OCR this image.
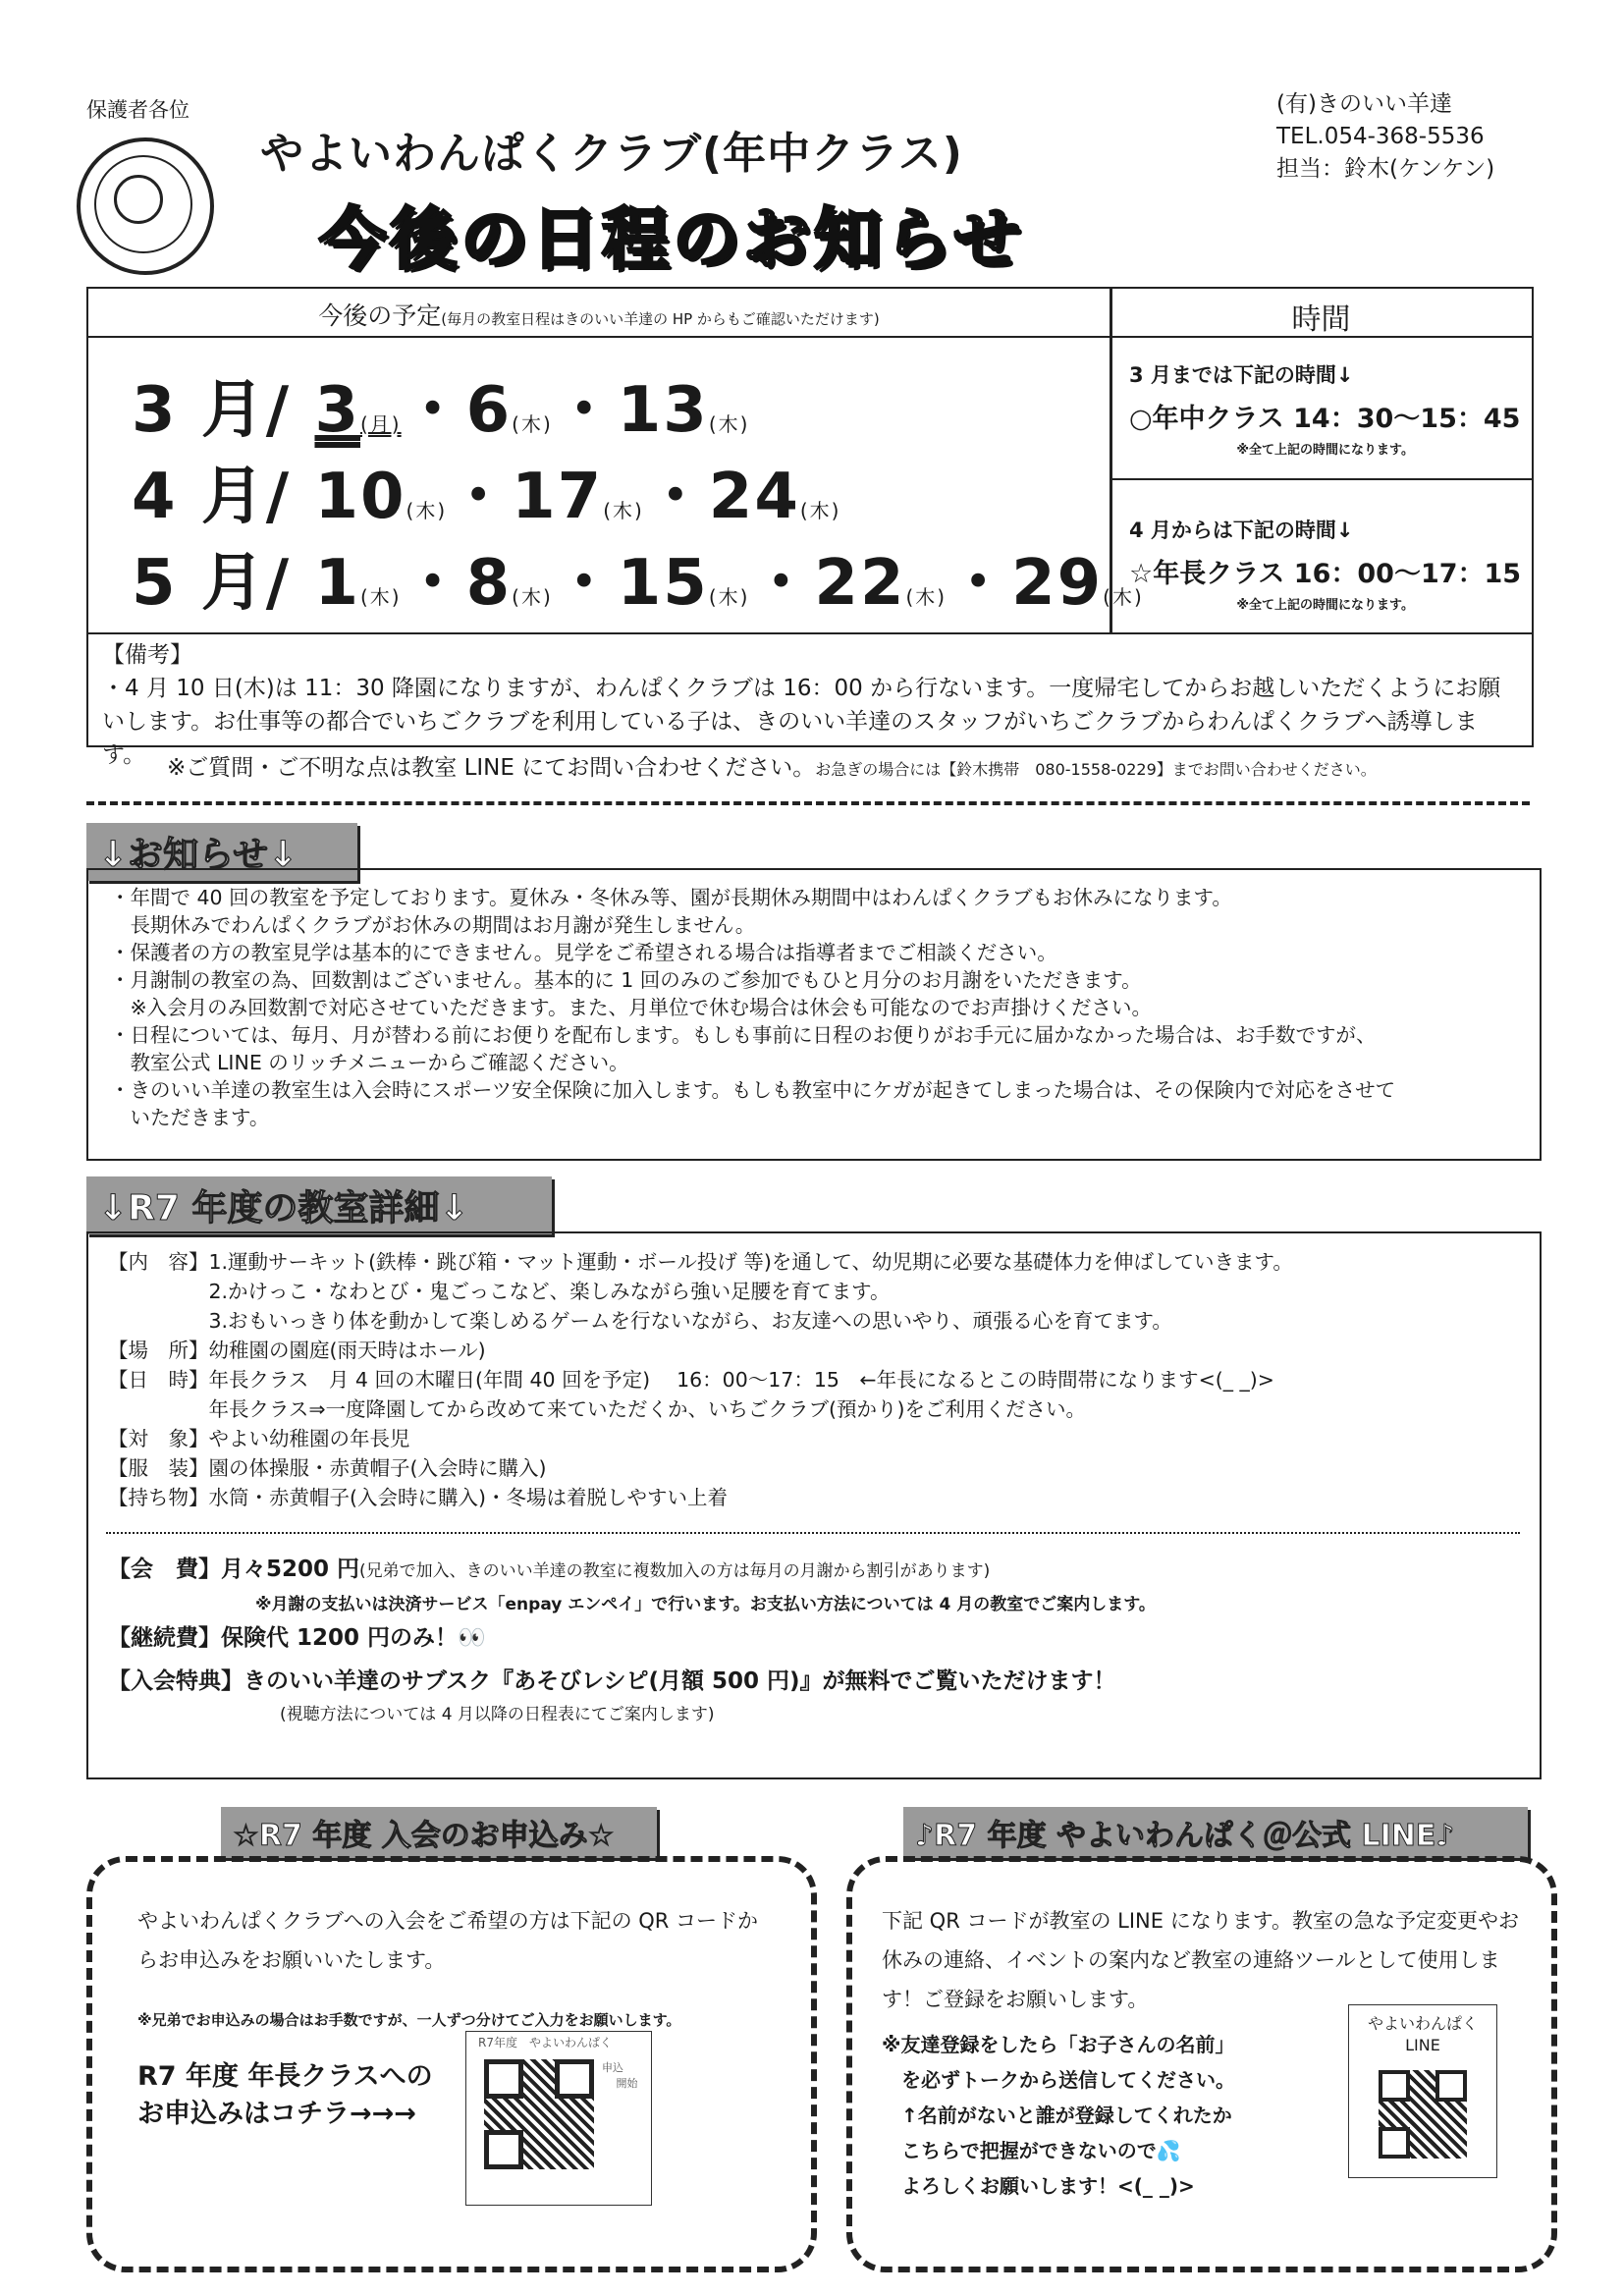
保護者各位
やよいわんぱくクラブ(年中クラス)
今後の日程のお知らせ
(有)きのいい羊達
TEL.054-368-5536
担当：鈴木(ケンケン)
今後の予定(毎月の教室日程はきのいい羊達の HP からもご確認いただけます)	時間
3 月/ 3(月)・6(木)・13(木)
4 月/ 10(木)・17(木)・24(木)
5 月/ 1(木)・8(木)・15(木)・22(木)・29(木)
3 月までは下記の時間↓
○年中クラス 14：30～15：45
※全て上記の時間になります。
4 月からは下記の時間↓
☆年長クラス 16：00～17：15
※全て上記の時間になります。
【備考】
・4 月 10 日(木)は 11：30 降園になりますが、わんぱくクラブは 16：00 から行ないます。一度帰宅してからお越しいただくようにお願いします。お仕事等の都合でいちごクラブを利用している子は、きのいい羊達のスタッフがいちごクラブからわんぱくクラブへ誘導します。 ※ご質問・ご不明な点は教室 LINE にてお問い合わせください。お急ぎの場合には【鈴木携帯　080-1558-0229】までお問い合わせください。
↓お知らせ↓
・年間で 40 回の教室を予定しております。夏休み・冬休み等、園が長期休み期間中はわんぱくクラブもお休みになります。
　長期休みでわんぱくクラブがお休みの期間はお月謝が発生しません。
・保護者の方の教室見学は基本的にできません。見学をご希望される場合は指導者までご相談ください。
・月謝制の教室の為、回数割はございません。基本的に 1 回のみのご参加でもひと月分のお月謝をいただきます。
　※入会月のみ回数割で対応させていただきます。また、月単位で休む場合は休会も可能なのでお声掛けください。
・日程については、毎月、月が替わる前にお便りを配布します。もしも事前に日程のお便りがお手元に届かなかった場合は、お手数ですが、
　教室公式 LINE のリッチメニューからご確認ください。
・きのいい羊達の教室生は入会時にスポーツ安全保険に加入します。もしも教室中にケガが起きてしまった場合は、その保険内で対応をさせて
　いただきます。
↓R7 年度の教室詳細↓
【内　容】1.運動サーキット(鉄棒・跳び箱・マット運動・ボール投げ 等)を通して、幼児期に必要な基礎体力を伸ばしていきます。
　　　　　2.かけっこ・なわとび・鬼ごっこなど、楽しみながら強い足腰を育てます。
　　　　　3.おもいっきり体を動かして楽しめるゲームを行ないながら、お友達への思いやり、頑張る心を育てます。
【場　所】幼稚園の園庭(雨天時はホール)
【日　時】年長クラス　月 4 回の木曜日(年間 40 回を予定)　 16：00～17：15　←年長になるとこの時間帯になります<(_ _)>
　　　　　年長クラス⇒一度降園してから改めて来ていただくか、いちごクラブ(預かり)をご利用ください。
【対　象】やよい幼稚園の年長児
【服　装】園の体操服・赤黄帽子(入会時に購入)
【持ち物】水筒・赤黄帽子(入会時に購入)・冬場は着脱しやすい上着
【会　費】月々5200 円(兄弟で加入、きのいい羊達の教室に複数加入の方は毎月の月謝から割引があります)
※月謝の支払いは決済サービス「enpay エンペイ」で行います。お支払い方法については 4 月の教室でご案内します。
【継続費】保険代 1200 円のみ！👀
【入会特典】きのいい羊達のサブスク『あそびレシピ(月額 500 円)』が無料でご覧いただけます！
(視聴方法については 4 月以降の日程表にてご案内します)
☆R7 年度 入会のお申込み☆
やよいわんぱくクラブへの入会をご希望の方は下記の QR コードからお申込みをお願いいたします。
※兄弟でお申込みの場合はお手数ですが、一人ずつ分けてご入力をお願いします。
R7 年度 年長クラスへの
お申込みはコチラ→→→
R7年度　やよいわんぱく
申込 　 開始
♪R7 年度 やよいわんぱく＠公式 LINE♪
下記 QR コードが教室の LINE になります。教室の急な予定変更やお休みの連絡、イベントの案内など教室の連絡ツールとして使用します！ご登録をお願いします。
※友達登録をしたら「お子さんの名前」
　を必ずトークから送信してください。
　↑名前がないと誰が登録してくれたか
　こちらで把握ができないので💦
　よろしくお願いします！<(_ _)>
やよいわんぱく
LINE
